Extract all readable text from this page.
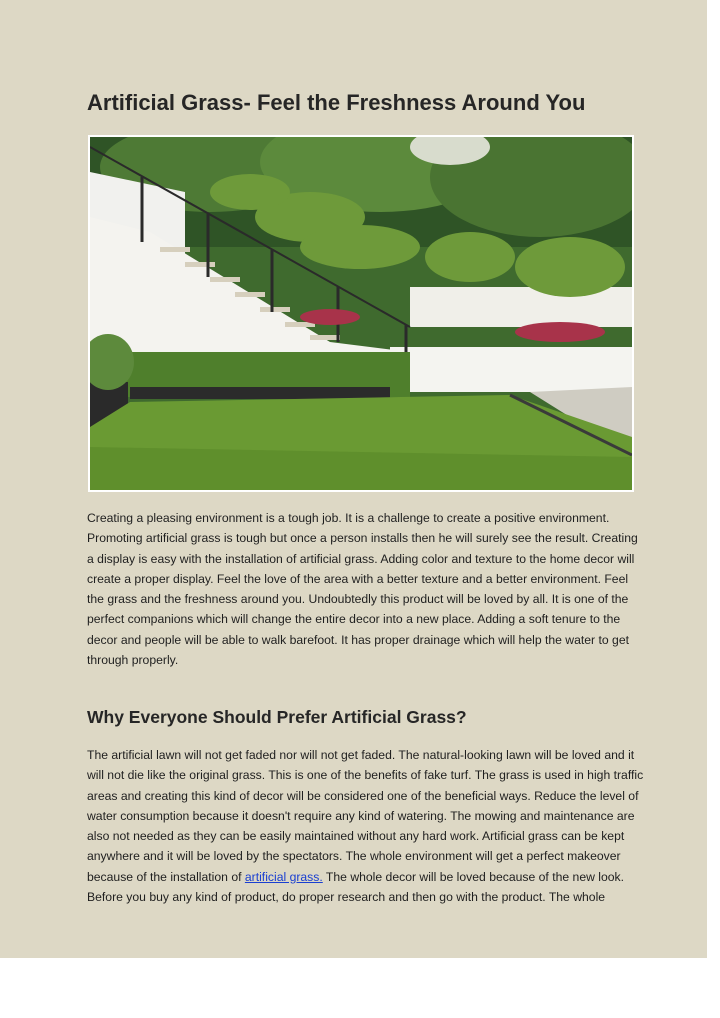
Artificial Grass- Feel the Freshness Around You

Creating a pleasing environment is a tough job. It is a challenge to create a positive environment. Promoting artificial grass is tough but once a person installs then he will surely see the result. Creating a display is easy with the installation of artificial grass. Adding color and texture to the home decor will create a proper display. Feel the love of the area with a better texture and a better environment. Feel the grass and the freshness around you. Undoubtedly this product will be loved by all. It is one of the perfect companions which will change the entire decor into a new place. Adding a soft tenure to the decor and people will be able to walk barefoot. It has proper drainage which will help the water to get through properly.

Why Everyone Should Prefer Artificial Grass?

The artificial lawn will not get faded nor will not get faded. The natural-looking lawn will be loved and it will not die like the original grass. This is one of the benefits of fake turf. The grass is used in high traffic areas and creating this kind of decor will be considered one of the beneficial ways. Reduce the level of water consumption because it doesn't require any kind of watering. The mowing and maintenance are also not needed as they can be easily maintained without any hard work. Artificial grass can be kept anywhere and it will be loved by the spectators. The whole environment will get a perfect makeover because of the installation of artificial grass. The whole decor will be loved because of the new look. Before you buy any kind of product, do proper research and then go with the product. The whole
